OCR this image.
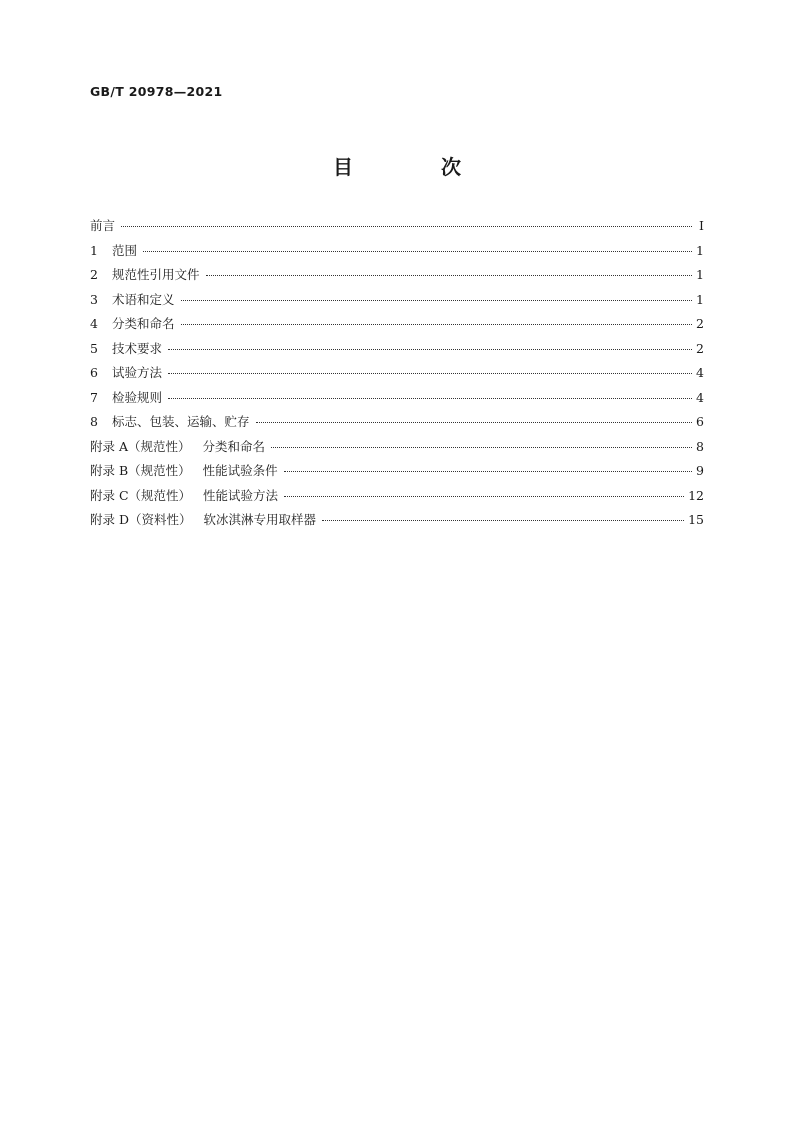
GB/T 20978—2021
目　次
前言	Ⅰ
1	范围	1
2	规范性引用文件	1
3	术语和定义	1
4	分类和命名	2
5	技术要求	2
6	试验方法	4
7	检验规则	4
8	标志、包装、运输、贮存	6
附录 A（规范性） 分类和命名	8
附录 B（规范性） 性能试验条件	9
附录 C（规范性） 性能试验方法	12
附录 D（资料性） 软冰淇淋专用取样器	15
